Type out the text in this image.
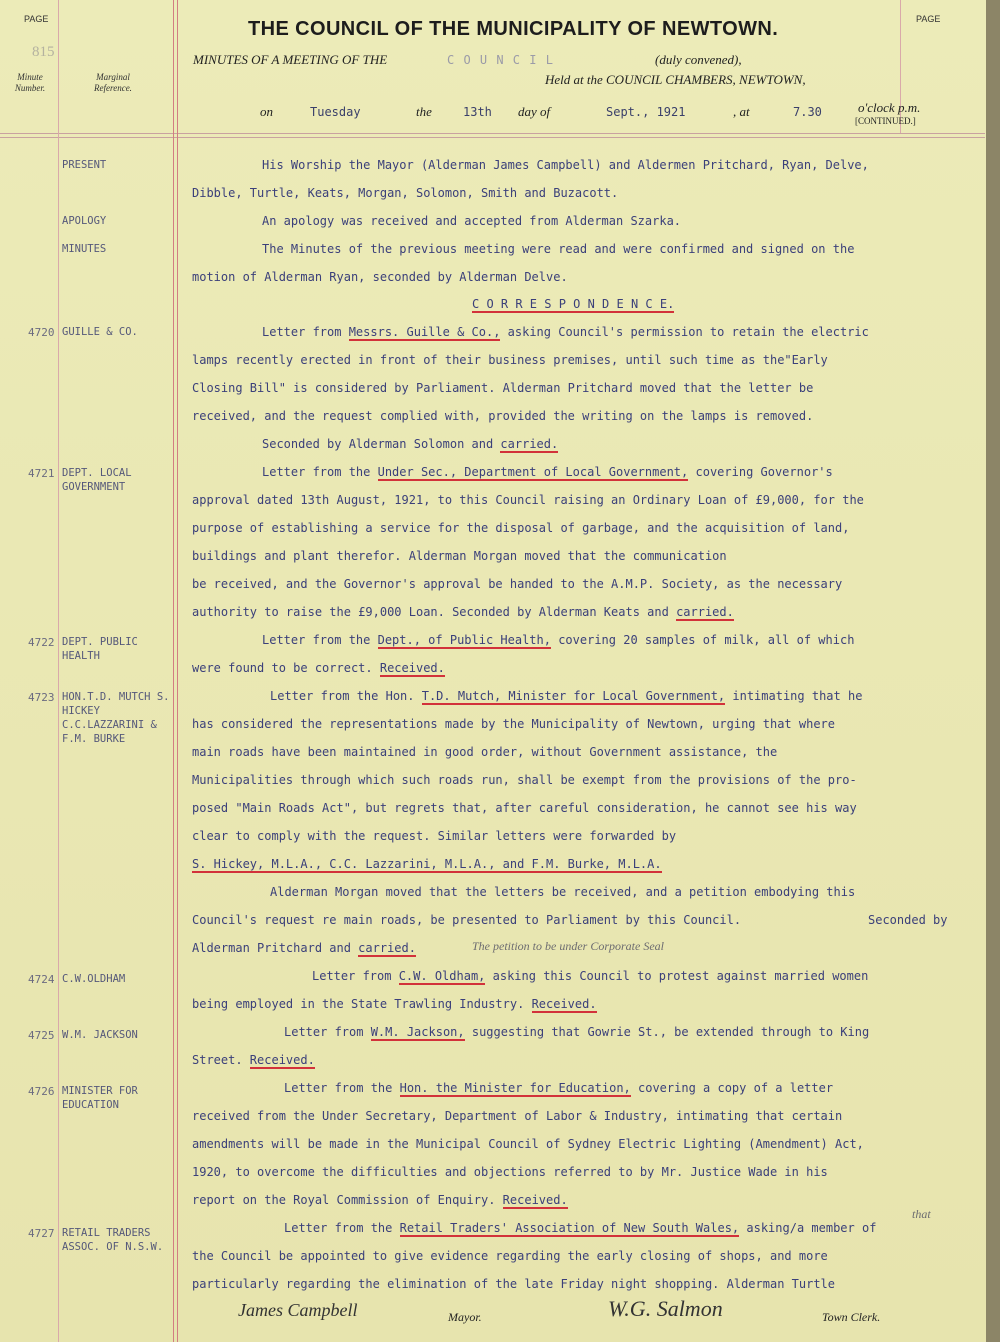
PAGE	PAGE
815
THE COUNCIL OF THE MUNICIPALITY OF NEWTOWN.
MINUTES OF A MEETING OF THE	C O U N C I L	(duly convened),
Held at the COUNCIL CHAMBERS, NEWTOWN,
on	Tuesday	the	13th day of	Sept., 1921	, at	7.30	o'clock p.m.
[CONTINUED.]
Minute Number.
Marginal Reference.
PRESENT
APOLOGY
MINUTES
4720 GUILLE & CO.
4721 DEPT. LOCAL GOVERNMENT
4722 DEPT. PUBLIC HEALTH
4723 HON.T.D. MUTCH S. HICKEY C.C.LAZZARINI & F.M. BURKE
4724 C.W.OLDHAM
4725 W.M. JACKSON
4726 MINISTER FOR EDUCATION
4727 RETAIL TRADERS ASSOC. OF N.S.W.
His Worship the Mayor (Alderman James Campbell) and Aldermen Pritchard, Ryan, Delve,
Dibble, Turtle, Keats, Morgan, Solomon, Smith and Buzacott.
An apology was received and accepted from Alderman Szarka.
The Minutes of the previous meeting were read and were confirmed and signed on the
motion of Alderman Ryan, seconded by Alderman Delve.
C O R R E S P O N D E N C E.
Letter from Messrs. Guille & Co., asking Council's permission to retain the electric
lamps recently erected in front of their business premises, until such time as the"Early
Closing Bill" is considered by Parliament. Alderman Pritchard moved that the letter be
received, and the request complied with, provided the writing on the lamps is removed.
Seconded by Alderman Solomon and carried.
Letter from the Under Sec., Department of Local Government, covering Governor's
approval dated 13th August, 1921, to this Council raising an Ordinary Loan of £9,000, for the
purpose of establishing a service for the disposal of garbage, and the acquisition of land,
buildings and plant therefor. Alderman Morgan moved that the communication
be received, and the Governor's approval be handed to the A.M.P. Society, as the necessary
authority to raise the £9,000 Loan. Seconded by Alderman Keats and carried.
Letter from the Dept., of Public Health, covering 20 samples of milk, all of which
were found to be correct. Received.
Letter from the Hon. T.D. Mutch, Minister for Local Government, intimating that he
has considered the representations made by the Municipality of Newtown, urging that where
main roads have been maintained in good order, without Government assistance, the
Municipalities through which such roads run, shall be exempt from the provisions of the pro-
posed "Main Roads Act", but regrets that, after careful consideration, he cannot see his way
clear to comply with the request. Similar letters were forwarded by
S. Hickey, M.L.A., C.C. Lazzarini, M.L.A., and F.M. Burke, M.L.A.
Alderman Morgan moved that the letters be received, and a petition embodying this
Council's request re main roads, be presented to Parliament by this Council.	Seconded by
Alderman Pritchard and carried.	The petition to be under Corporate Seal
Letter from C.W. Oldham, asking this Council to protest against married women
being employed in the State Trawling Industry. Received.
Letter from W.M. Jackson, suggesting that Gowrie St., be extended through to King
Street. Received.
Letter from the Hon. the Minister for Education, covering a copy of a letter
received from the Under Secretary, Department of Labor & Industry, intimating that certain
amendments will be made in the Municipal Council of Sydney Electric Lighting (Amendment) Act,
1920, to overcome the difficulties and objections referred to by Mr. Justice Wade in his
report on the Royal Commission of Enquiry. Received.
that
Letter from the Retail Traders' Association of New South Wales, asking/a member of
the Council be appointed to give evidence regarding the early closing of shops, and more
particularly regarding the elimination of the late Friday night shopping. Alderman Turtle
James Campbell	Mayor.	W.G. Salmon	Town Clerk.
